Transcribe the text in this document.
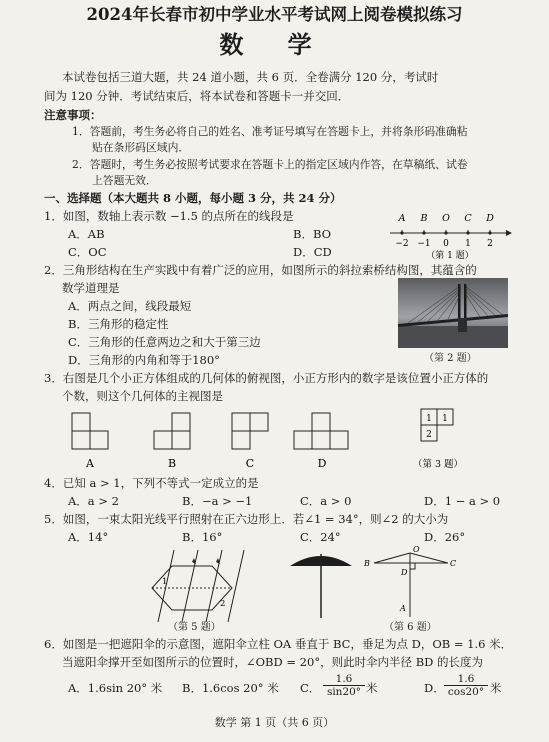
2024年长春市初中学业水平考试网上阅卷模拟练习
数 学
本试卷包括三道大题，共 24 道小题，共 6 页．全卷满分 120 分，考试时
间为 120 分钟．考试结束后，将本试卷和答题卡一并交回．
注意事项：
1．答题前，考生务必将自己的姓名、准考证号填写在答题卡上，并将条形码准确粘
贴在条形码区域内．
2．答题时，考生务必按照考试要求在答题卡上的指定区域内作答，在草稿纸、试卷
上答题无效．
一、选择题（本大题共 8 小题，每小题 3 分，共 24 分）
1．如图，数轴上表示数 −1.5 的点所在的线段是
A．AB	B．BO
C．OC	D．CD
A B O C D
−2 −1 0 1 2
（第 1 题）
2．三角形结构在生产实践中有着广泛的应用，如图所示的斜拉索桥结构图，其蕴含的
数学道理是
A．两点之间，线段最短
B．三角形的稳定性
C．三角形的任意两边之和大于第三边
D．三角形的内角和等于180°	（第 2 题）
3．右图是几个小正方体组成的几何体的俯视图，小正方形内的数字是该位置小正方体的
个数，则这个几何体的主视图是
1 1
2
A	B	C	D	（第 3 题）
4．已知 a > 1，下列不等式一定成立的是
A．a > 2	B．−a > −1	C．a > 0	D．1 − a > 0
5．如图，一束太阳光线平行照射在正六边形上．若∠1 = 34°，则∠2 的大小为
A．14°	B．16°	C．24°	D．26°
1
2
（第 5 题）
O
B
D
C
A
（第 6 题）
6．如图是一把遮阳伞的示意图，遮阳伞立柱 OA 垂直于 BC，垂足为点 D，OB = 1.6 米．
当遮阳伞撑开至如图所示的位置时，∠OBD = 20°，则此时伞内半径 BD 的长度为
A．1.6sin 20° 米 B．1.6cos 20° 米 C． $\frac{1.6}{\sin 20^\circ}$ 米	D． $\frac{1.6}{\cos 20^\circ}$ 米
数学 第 1 页（共 6 页）
